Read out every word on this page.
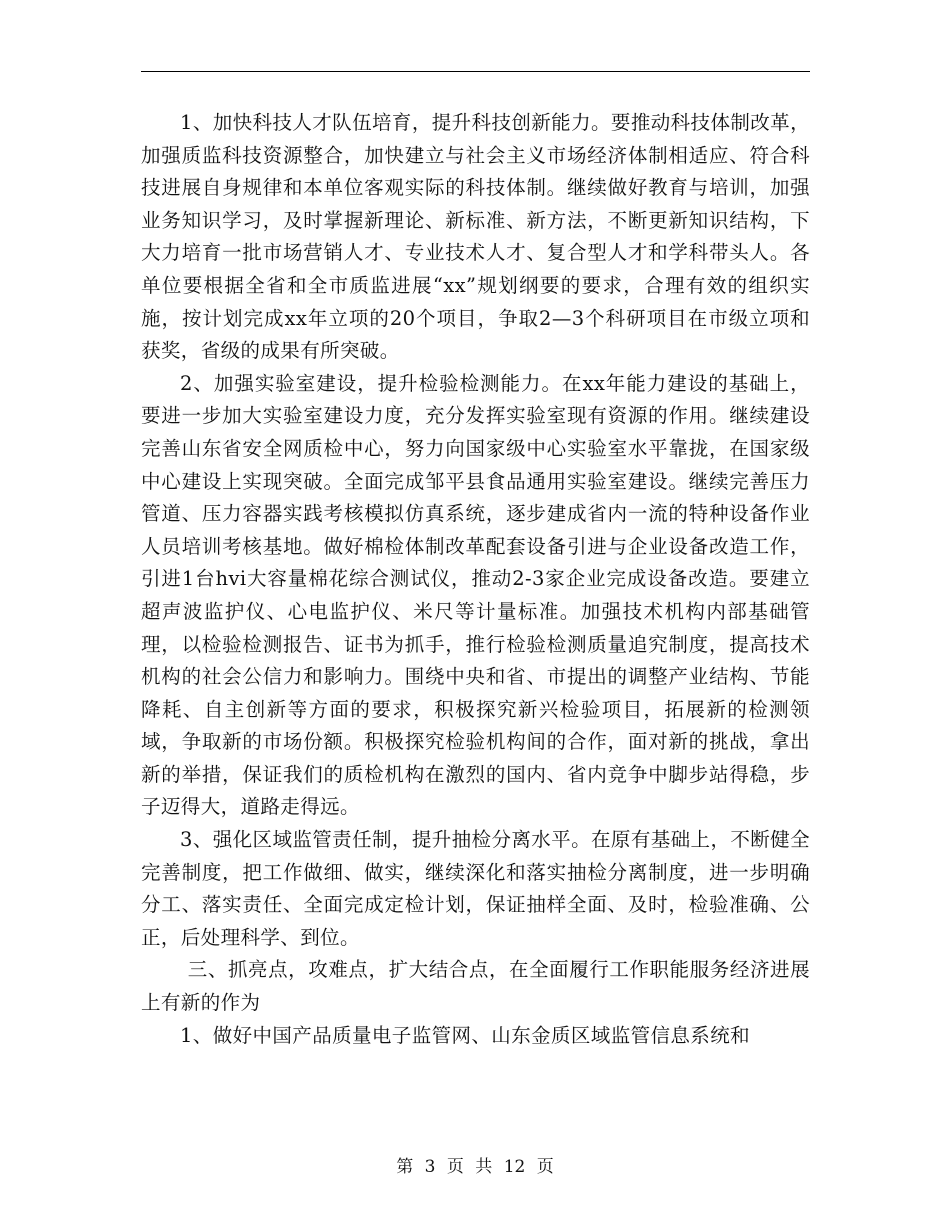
1、加快科技人才队伍培育，提升科技创新能力。要推动科技体制改革，加强质监科技资源整合，加快建立与社会主义市场经济体制相适应、符合科技进展自身规律和本单位客观实际的科技体制。继续做好教育与培训，加强业务知识学习，及时掌握新理论、新标准、新方法，不断更新知识结构，下大力培育一批市场营销人才、专业技术人才、复合型人才和学科带头人。各单位要根据全省和全市质监进展“xx”规划纲要的要求，合理有效的组织实施，按计划完成xx年立项的20个项目，争取2—3个科研项目在市级立项和获奖，省级的成果有所突破。

2、加强实验室建设，提升检验检测能力。在xx年能力建设的基础上，要进一步加大实验室建设力度，充分发挥实验室现有资源的作用。继续建设完善山东省安全网质检中心，努力向国家级中心实验室水平靠拢，在国家级中心建设上实现突破。全面完成邹平县食品通用实验室建设。继续完善压力管道、压力容器实践考核模拟仿真系统，逐步建成省内一流的特种设备作业人员培训考核基地。做好棉检体制改革配套设备引进与企业设备改造工作，引进1台hvi大容量棉花综合测试仪，推动2-3家企业完成设备改造。要建立超声波监护仪、心电监护仪、米尺等计量标准。加强技术机构内部基础管理，以检验检测报告、证书为抓手，推行检验检测质量追究制度，提高技术机构的社会公信力和影响力。围绕中央和省、市提出的调整产业结构、节能降耗、自主创新等方面的要求，积极探究新兴检验项目，拓展新的检测领域，争取新的市场份额。积极探究检验机构间的合作，面对新的挑战，拿出新的举措，保证我们的质检机构在激烈的国内、省内竞争中脚步站得稳，步子迈得大，道路走得远。

3、强化区域监管责任制，提升抽检分离水平。在原有基础上，不断健全完善制度，把工作做细、做实，继续深化和落实抽检分离制度，进一步明确分工、落实责任、全面完成定检计划，保证抽样全面、及时，检验准确、公正，后处理科学、到位。

三、抓亮点，攻难点，扩大结合点，在全面履行工作职能服务经济进展上有新的作为

1、做好中国产品质量电子监管网、山东金质区域监管信息系统和

第 3 页 共 12 页
